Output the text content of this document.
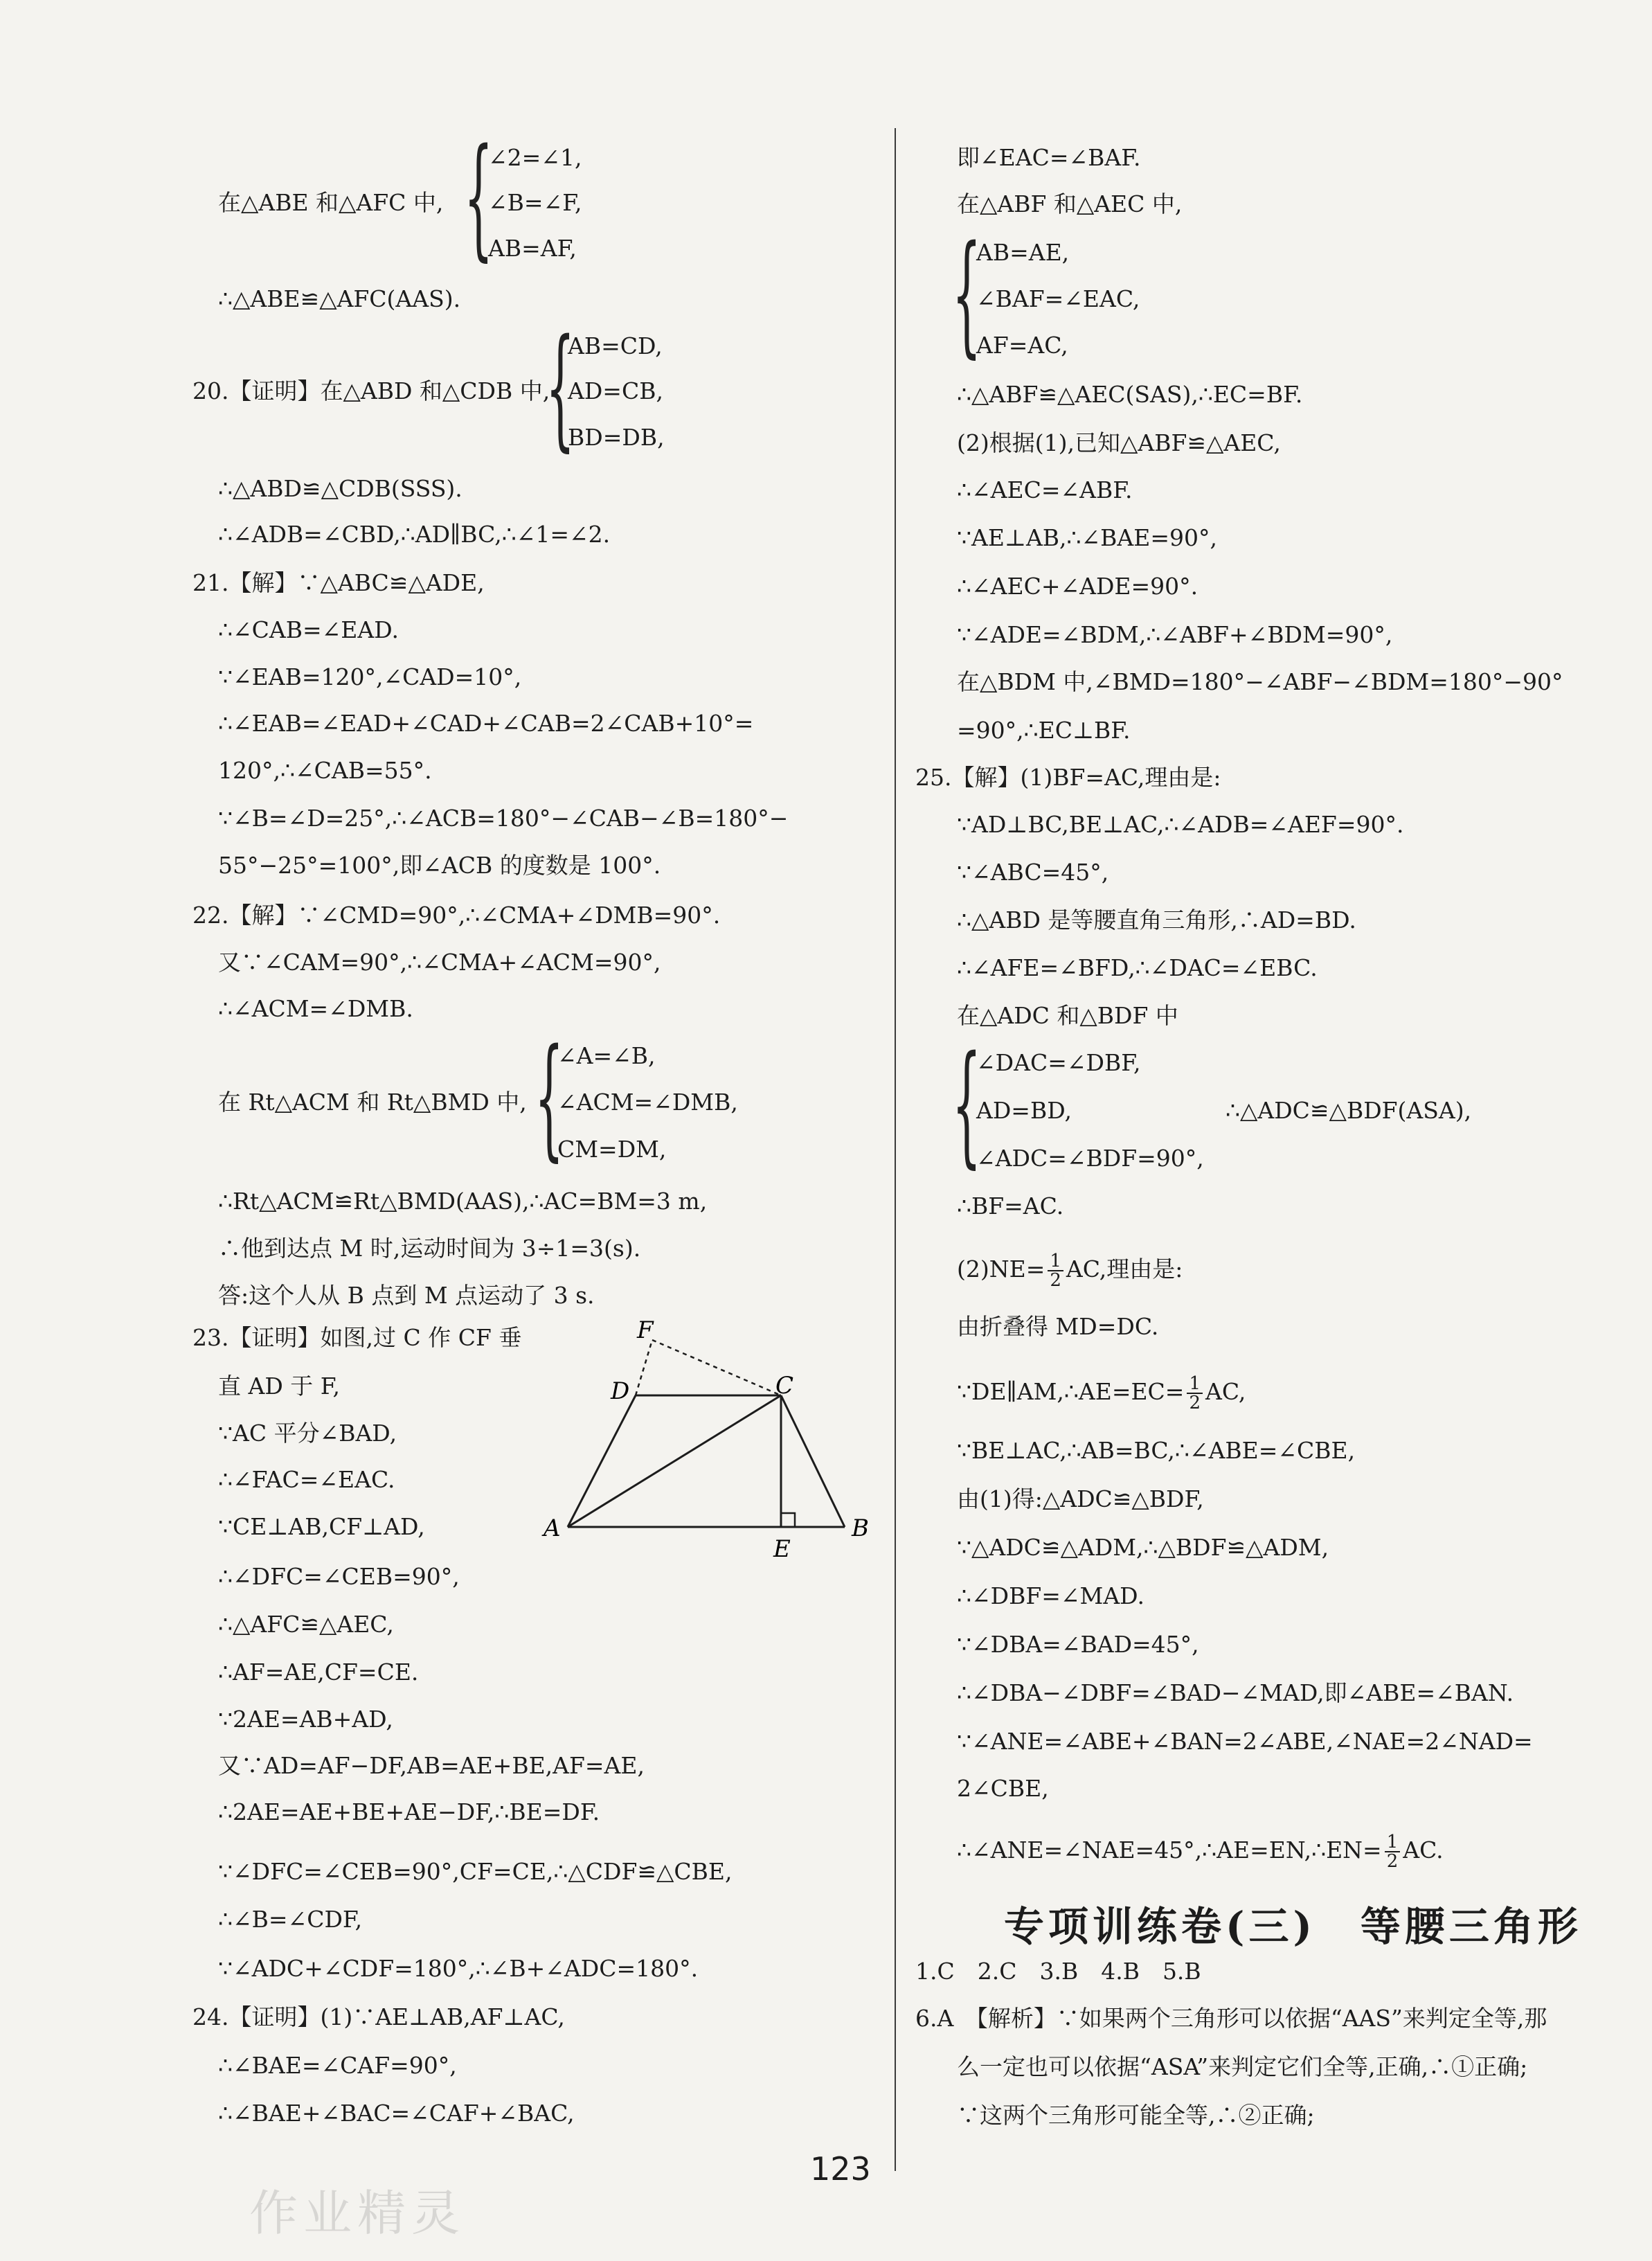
{
∠2=∠1,
∠B=∠F,
AB=AF,
在△ABE 和△AFC 中,
∴△ABE≌△AFC(AAS).
20.【证明】在△ABD 和△CDB 中,
{
AB=CD,
AD=CB,
BD=DB,
∴△ABD≌△CDB(SSS).
∴∠ADB=∠CBD,∴AD∥BC,∴∠1=∠2.
21.【解】∵△ABC≌△ADE,
∴∠CAB=∠EAD.
∵∠EAB=120°,∠CAD=10°,
∴∠EAB=∠EAD+∠CAD+∠CAB=2∠CAB+10°=
120°,∴∠CAB=55°.
∵∠B=∠D=25°,∴∠ACB=180°−∠CAB−∠B=180°−
55°−25°=100°,即∠ACB 的度数是 100°.
22.【解】∵∠CMD=90°,∴∠CMA+∠DMB=90°.
又∵∠CAM=90°,∴∠CMA+∠ACM=90°,
∴∠ACM=∠DMB.
{
∠A=∠B,
∠ACM=∠DMB,
CM=DM,
在 Rt△ACM 和 Rt△BMD 中,
∴Rt△ACM≌Rt△BMD(AAS),∴AC=BM=3 m,
∴他到达点 M 时,运动时间为 3÷1=3(s).
答:这个人从 B 点到 M 点运动了 3 s.
23.【证明】如图,过 C 作 CF 垂
直 AD 于 F,
∵AC 平分∠BAD,
∴∠FAC=∠EAC.
∵CE⊥AB,CF⊥AD,
∴∠DFC=∠CEB=90°,
∴△AFC≌△AEC,
∴AF=AE,CF=CE.
∵2AE=AB+AD,
又∵AD=AF−DF,AB=AE+BE,AF=AE,
∴2AE=AE+BE+AE−DF,∴BE=DF.
∵∠DFC=∠CEB=90°,CF=CE,∴△CDF≌△CBE,
∴∠B=∠CDF,
∵∠ADC+∠CDF=180°,∴∠B+∠ADC=180°.
24.【证明】(1)∵AE⊥AB,AF⊥AC,
∴∠BAE=∠CAF=90°,
∴∠BAE+∠BAC=∠CAF+∠BAC,
F
D	C
A
E
B
即∠EAC=∠BAF.
在△ABF 和△AEC 中,
{
AB=AE,
∠BAF=∠EAC,
AF=AC,
∴△ABF≌△AEC(SAS),∴EC=BF.
(2)根据(1),已知△ABF≌△AEC,
∴∠AEC=∠ABF.
∵AE⊥AB,∴∠BAE=90°,
∴∠AEC+∠ADE=90°.
∵∠ADE=∠BDM,∴∠ABF+∠BDM=90°,
在△BDM 中,∠BMD=180°−∠ABF−∠BDM=180°−90°
=90°,∴EC⊥BF.
25.【解】(1)BF=AC,理由是:
∵AD⊥BC,BE⊥AC,∴∠ADB=∠AEF=90°.
∵∠ABC=45°,
∴△ABD 是等腰直角三角形,∴AD=BD.
∴∠AFE=∠BFD,∴∠DAC=∠EBC.
在△ADC 和△BDF 中
{
∠DAC=∠DBF,
AD=BD,
∠ADC=∠BDF=90°,
∴△ADC≌△BDF(ASA),
∴BF=AC.
$(2)NE= \frac{1}{2}$ AC,理由是:
由折叠得 MD=DC.
∵DE∥AM,∴AE=EC= $\frac{1}{2}$ AC,
∵BE⊥AC,∴AB=BC,∴∠ABE=∠CBE,
由(1)得:△ADC≌△BDF,
∵△ADC≌△ADM,∴△BDF≌△ADM,
∴∠DBF=∠MAD.
∵∠DBA=∠BAD=45°,
∴∠DBA−∠DBF=∠BAD−∠MAD,即∠ABE=∠BAN.
∵∠ANE=∠ABE+∠BAN=2∠ABE,∠NAE=2∠NAD=
2∠CBE,
∴∠ANE=∠NAE=45°,∴AE=EN,∴EN= $\frac{1}{2}$ AC.
1.C　2.C　3.B　4.B　5.B
6.A　【解析】∵如果两个三角形可以依据“AAS”来判定全等,那
么一定也可以依据“ASA”来判定它们全等,正确,∴①正确;
∵这两个三角形可能全等,∴②正确;
专项训练卷(三)　等腰三角形
123
作业精灵
